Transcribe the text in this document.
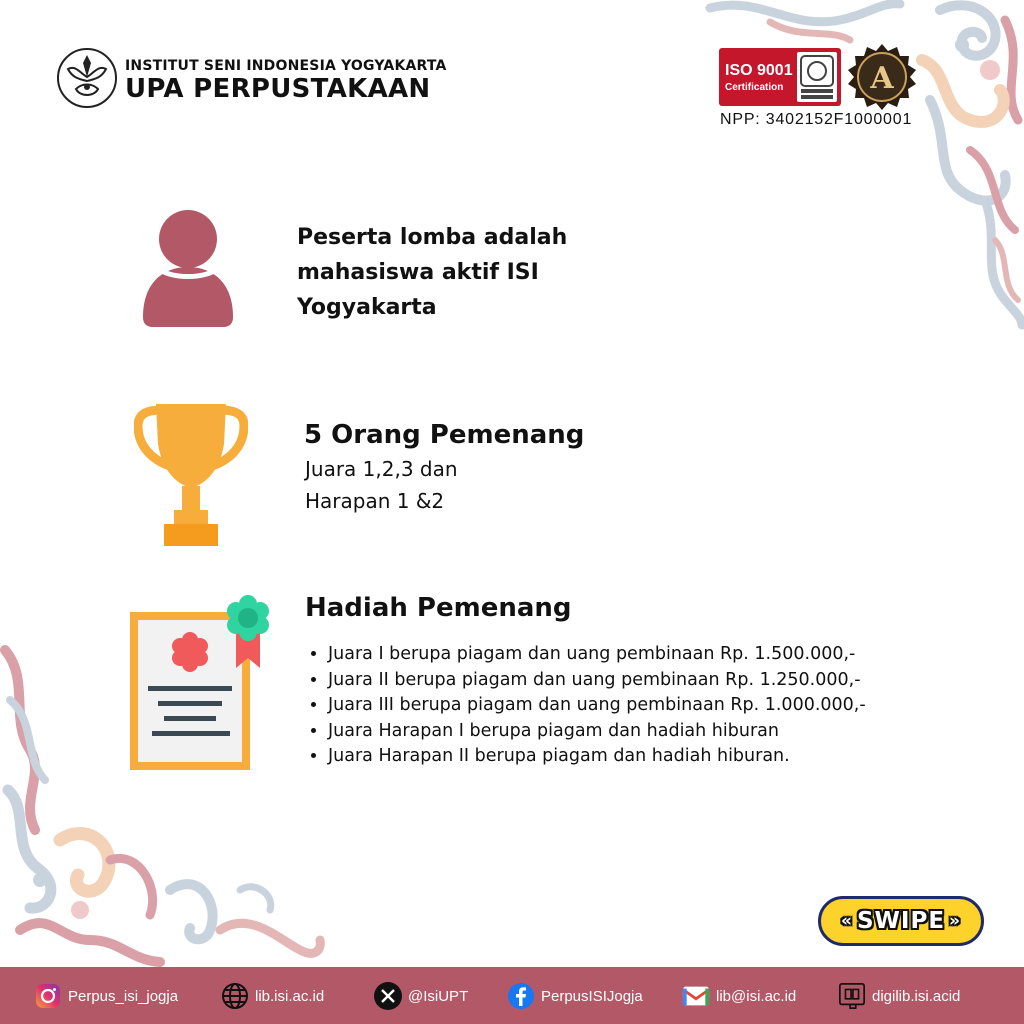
INSTITUT SENI INDONESIA YOGYAKARTA
UPA PERPUSTAKAAN
ISO 9001
Certification	A
NPP: 3402152F1000001
Peserta lomba adalah mahasiswa aktif ISI Yogyakarta
5 Orang Pemenang
Juara 1,2,3 dan Harapan 1 &2
Hadiah Pemenang
• Juara I berupa piagam dan uang pembinaan Rp. 1.500.000,-
• Juara II berupa piagam dan uang pembinaan Rp. 1.250.000,-
• Juara III berupa piagam dan uang pembinaan Rp. 1.000.000,-
• Juara Harapan I berupa piagam dan hadiah hiburan
• Juara Harapan II berupa piagam dan hadiah hiburan.
« SWIPE »
Perpus_isi_jogja	lib.isi.ac.id	@IsiUPT	PerpusISIJogja	lib@isi.ac.id	digilib.isi.acid
